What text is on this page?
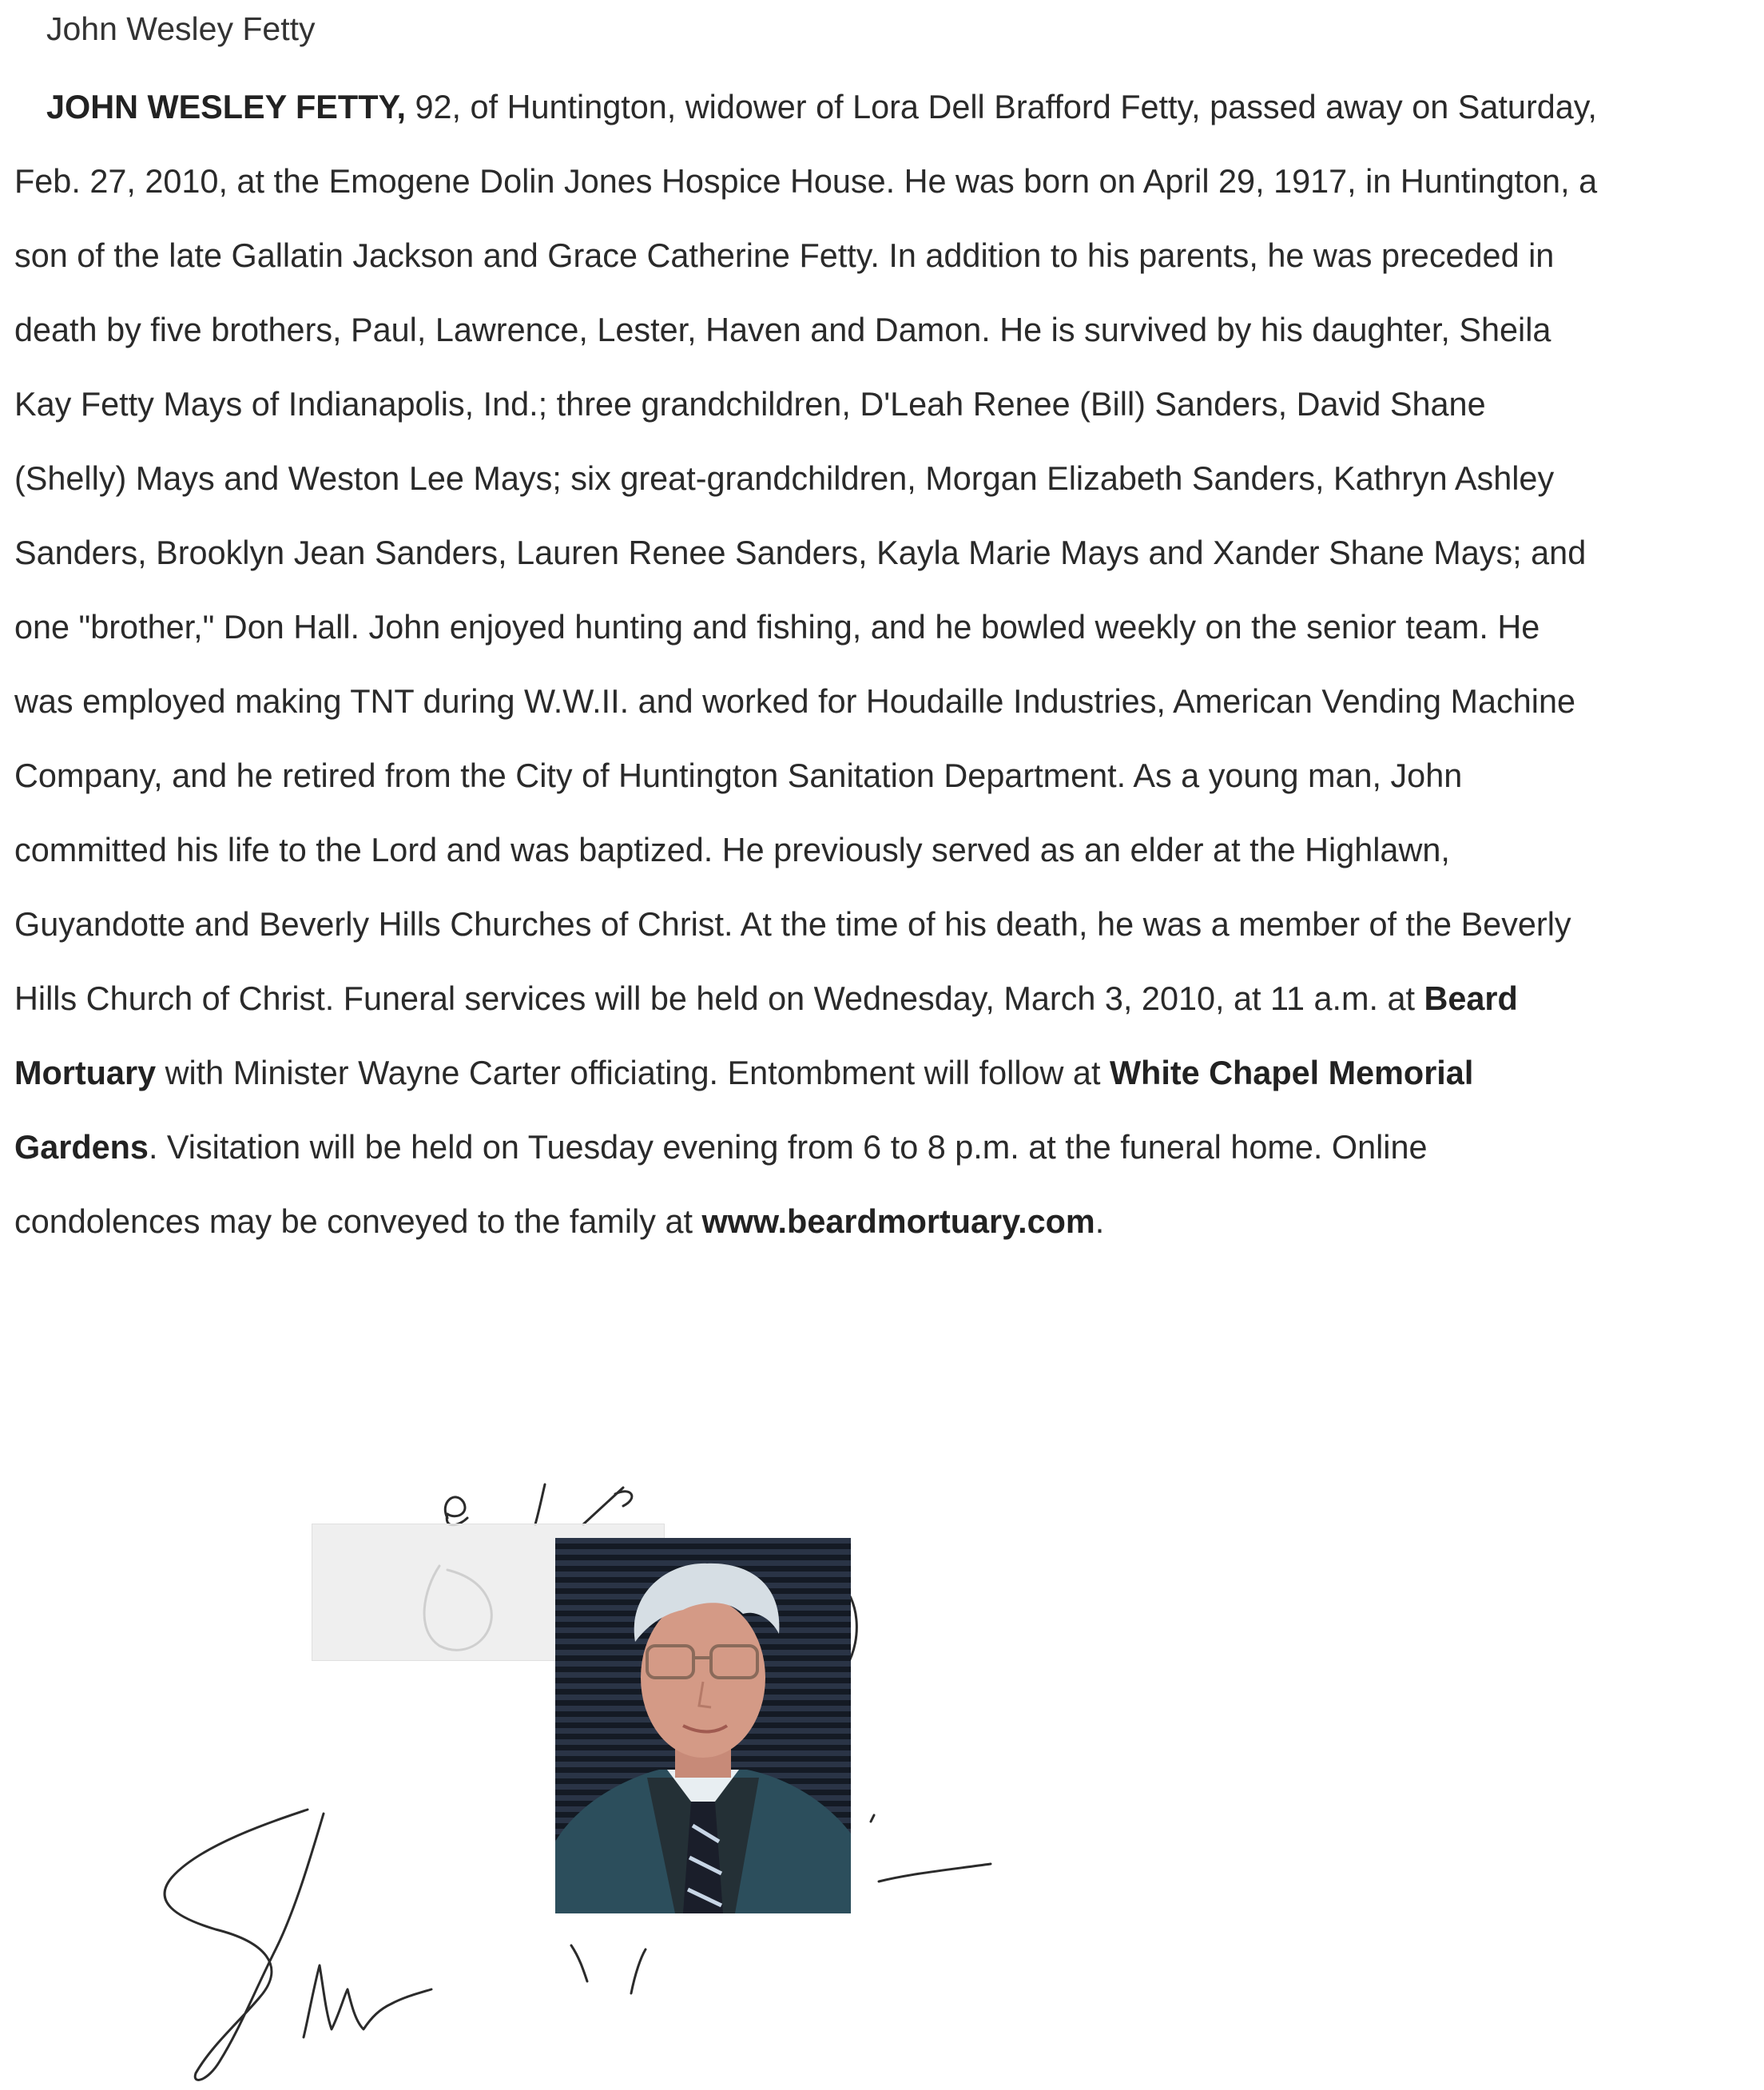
John Wesley Fetty
JOHN WESLEY FETTY, 92, of Huntington, widower of Lora Dell Brafford Fetty, passed away on Saturday,
Feb. 27, 2010, at the Emogene Dolin Jones Hospice House. He was born on April 29, 1917, in Huntington, a
son of the late Gallatin Jackson and Grace Catherine Fetty. In addition to his parents, he was preceded in
death by five brothers, Paul, Lawrence, Lester, Haven and Damon. He is survived by his daughter, Sheila
Kay Fetty Mays of Indianapolis, Ind.; three grandchildren, D'Leah Renee (Bill) Sanders, David Shane
(Shelly) Mays and Weston Lee Mays; six great-grandchildren, Morgan Elizabeth Sanders, Kathryn Ashley
Sanders, Brooklyn Jean Sanders, Lauren Renee Sanders, Kayla Marie Mays and Xander Shane Mays; and
one "brother," Don Hall. John enjoyed hunting and fishing, and he bowled weekly on the senior team. He
was employed making TNT during W.W.II. and worked for Houdaille Industries, American Vending Machine
Company, and he retired from the City of Huntington Sanitation Department. As a young man, John
committed his life to the Lord and was baptized. He previously served as an elder at the Highlawn,
Guyandotte and Beverly Hills Churches of Christ. At the time of his death, he was a member of the Beverly
Hills Church of Christ. Funeral services will be held on Wednesday, March 3, 2010, at 11 a.m. at Beard
Mortuary with Minister Wayne Carter officiating. Entombment will follow at White Chapel Memorial
Gardens. Visitation will be held on Tuesday evening from 6 to 8 p.m. at the funeral home. Online
condolences may be conveyed to the family at www.beardmortuary.com.
